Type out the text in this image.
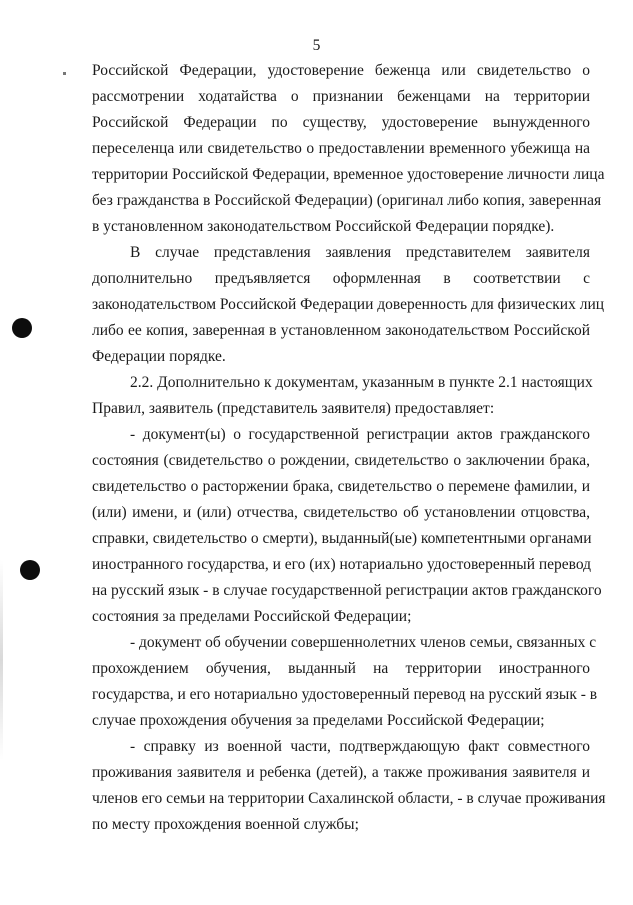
5
Российской Федерации, удостоверение беженца или свидетельство о
рассмотрении ходатайства о признании беженцами на территории
Российской Федерации по существу, удостоверение вынужденного
переселенца или свидетельство о предоставлении временного убежища на
территории Российской Федерации, временное удостоверение личности лица
без гражданства в Российской Федерации) (оригинал либо копия, заверенная
в установленном законодательством Российской Федерации порядке).
В случае представления заявления представителем заявителя
дополнительно предъявляется оформленная в соответствии с
законодательством Российской Федерации доверенность для физических лиц
либо ее копия, заверенная в установленном законодательством Российской
Федерации порядке.
2.2. Дополнительно к документам, указанным в пункте 2.1 настоящих
Правил, заявитель (представитель заявителя) предоставляет:
- документ(ы) о государственной регистрации актов гражданского
состояния (свидетельство о рождении, свидетельство о заключении брака,
свидетельство о расторжении брака, свидетельство о перемене фамилии, и
(или) имени, и (или) отчества, свидетельство об установлении отцовства,
справки, свидетельство о смерти), выданный(ые) компетентными органами
иностранного государства, и его (их) нотариально удостоверенный перевод
на русский язык - в случае государственной регистрации актов гражданского
состояния за пределами Российской Федерации;
- документ об обучении совершеннолетних членов семьи, связанных с
прохождением обучения, выданный на территории иностранного
государства, и его нотариально удостоверенный перевод на русский язык - в
случае прохождения обучения за пределами Российской Федерации;
- справку из военной части, подтверждающую факт совместного
проживания заявителя и ребенка (детей), а также проживания заявителя и
членов его семьи на территории Сахалинской области, - в случае проживания
по месту прохождения военной службы;
